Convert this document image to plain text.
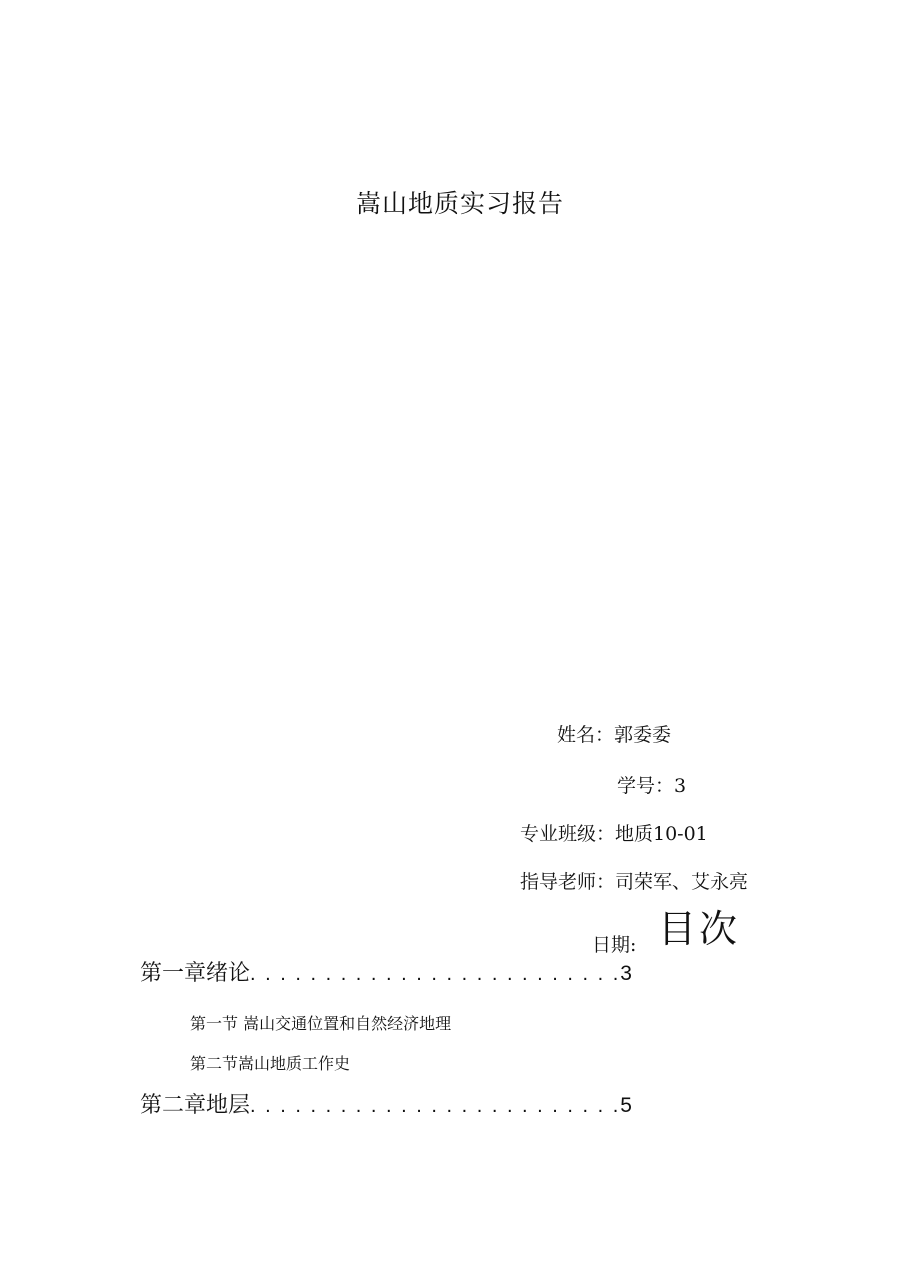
嵩山地质实习报告
姓名：郭委委
学号：3
专业班级：地质10-01
指导老师：司荣军、艾永亮
日期: 目次
第一章绪论. . . . . . . . . . . . . . . . . . . . . . . . .3
第一节 嵩山交通位置和自然经济地理
第二节嵩山地质工作史
第二章地层. . . . . . . . . . . . . . . . . . . . . . . . .5
